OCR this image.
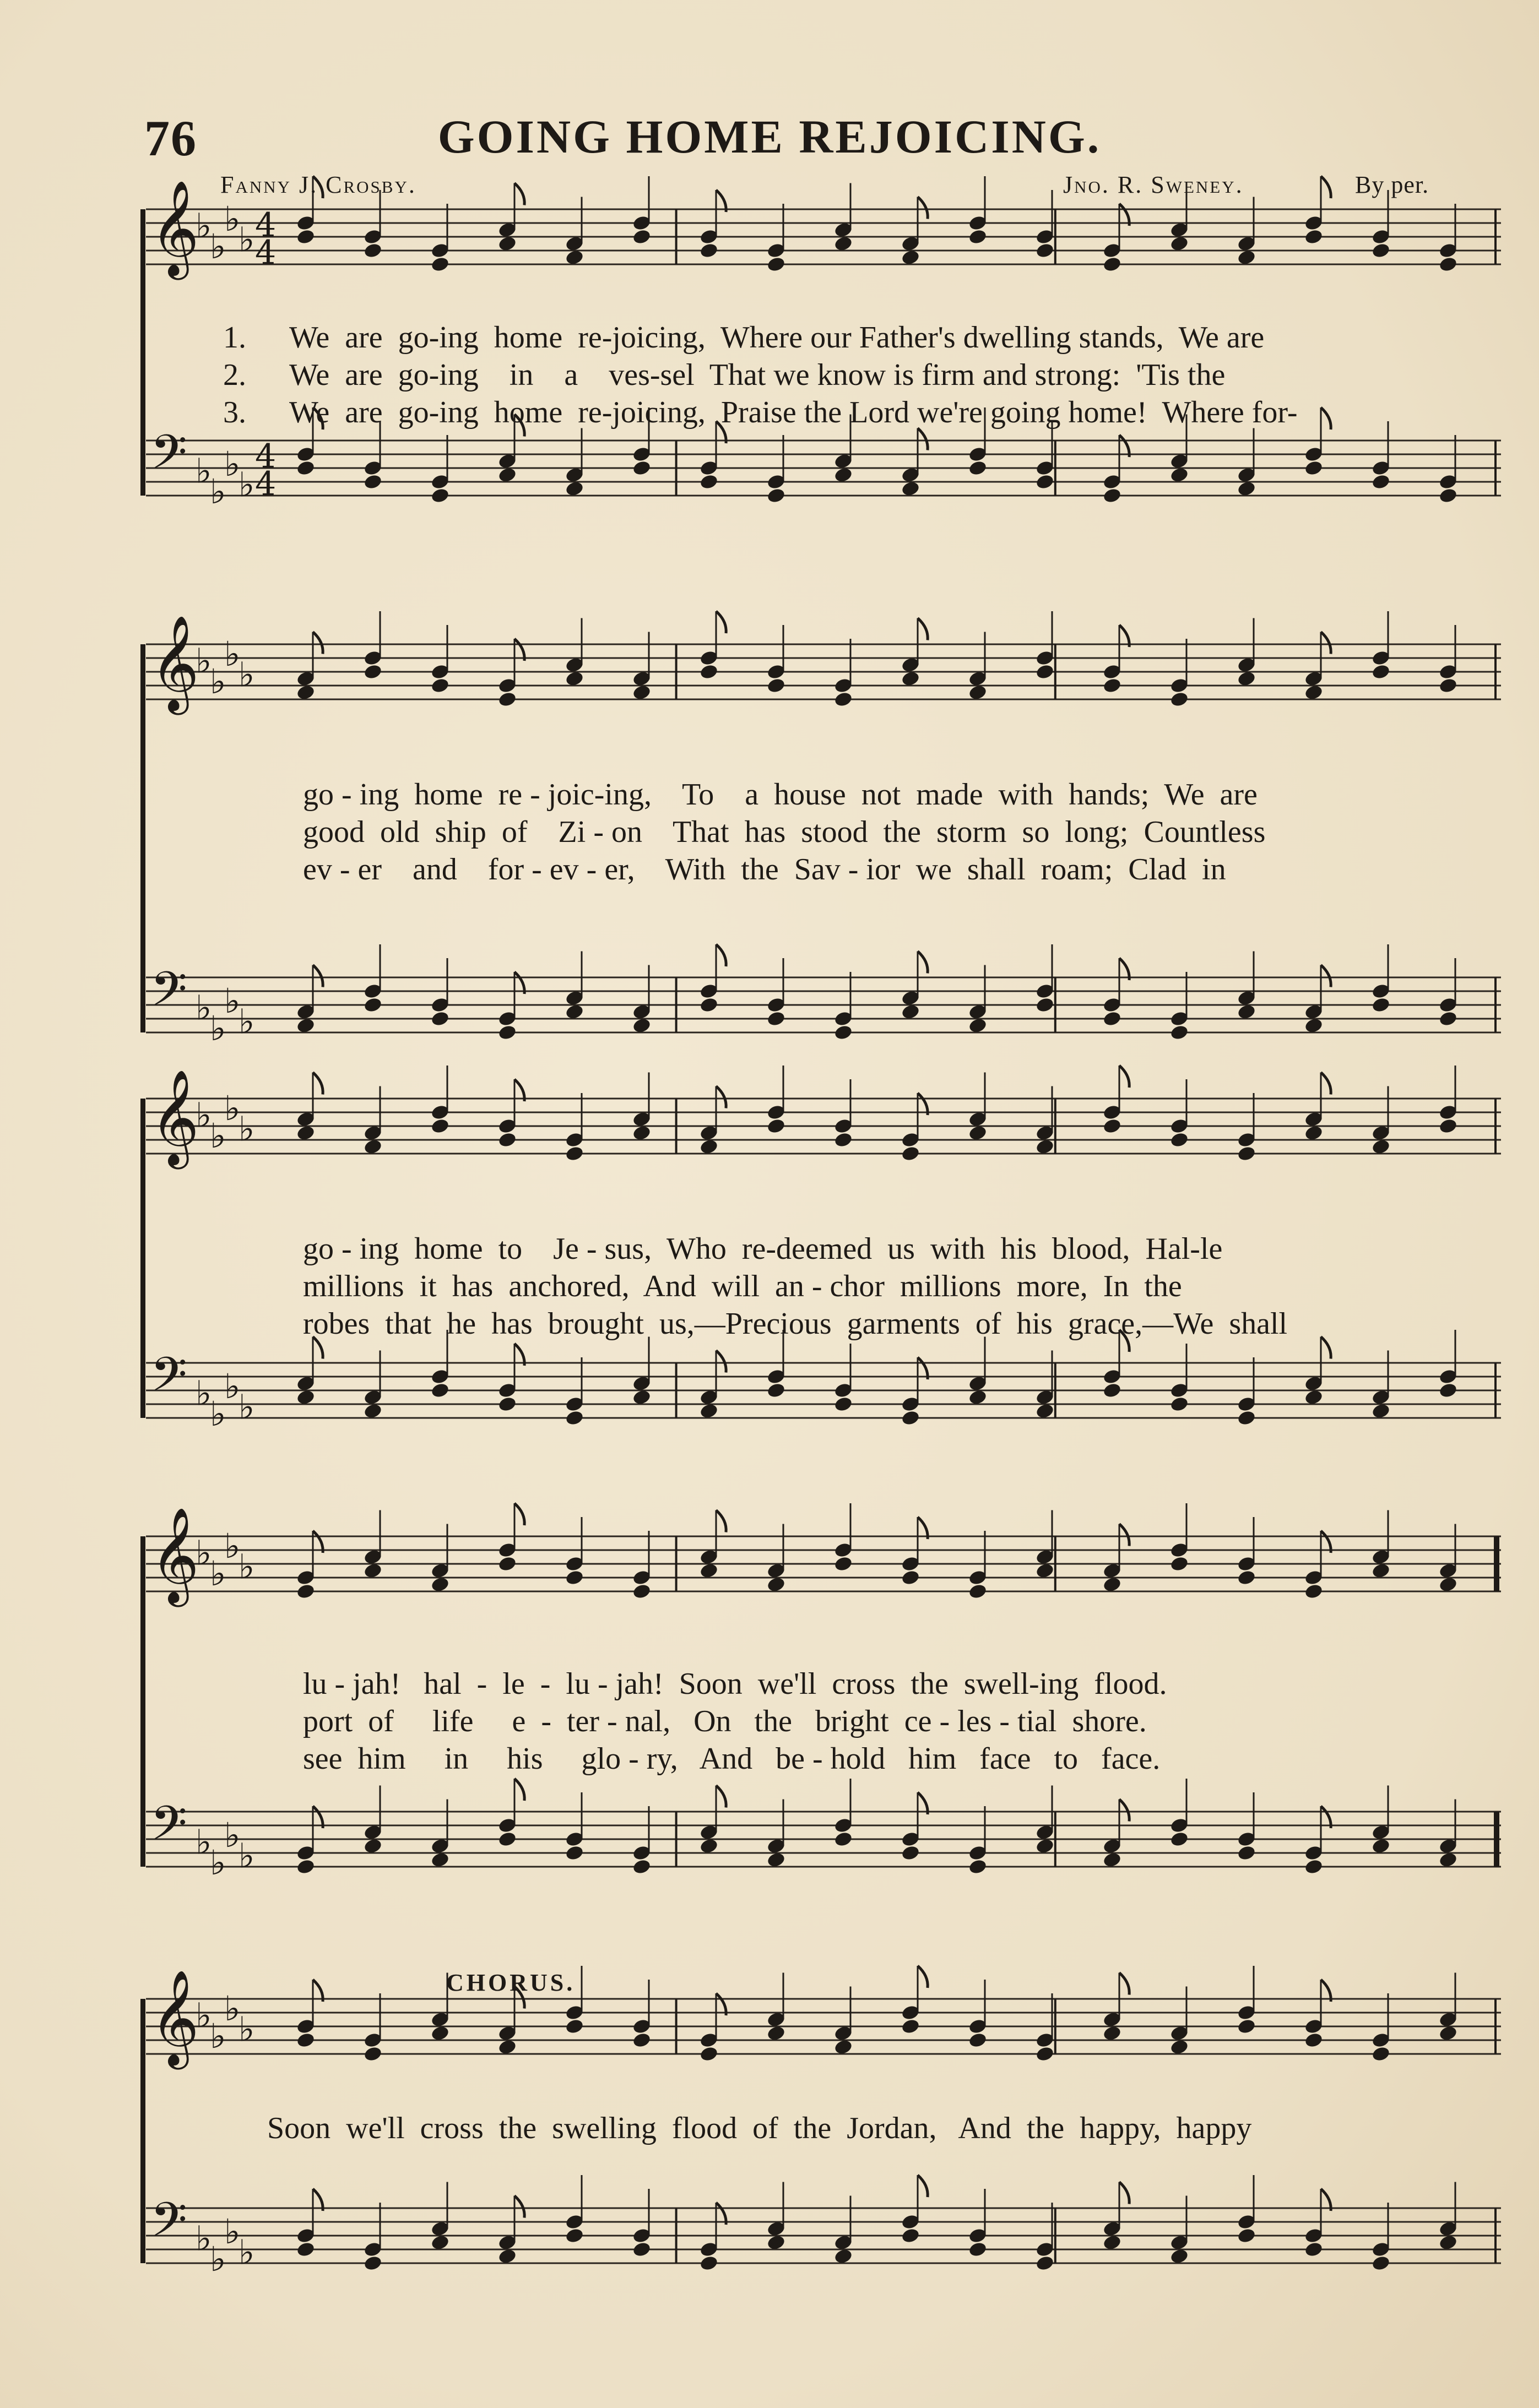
76	GOING HOME REJOICING.
Fanny J. Crosby.	Jno. R. Sweney.	By per.
𝄞
♭
♭
♭
♭ 4
4
𝄢 ♭
♭
♭
♭
4
4
1. We  are  go-ing  home  re-joicing,  Where our Father's dwelling stands,  We are
2. We  are  go-ing    in    a    ves-sel  That we know is firm and strong:  'Tis the
3. We  are  go-ing  home  re-joicing,  Praise the Lord we're going home!  Where for-
𝄞
♭
♭
♭
♭
𝄢 ♭
♭
♭
♭
go - ing  home  re - joic-ing,    To    a  house  not  made  with  hands;  We  are
good  old  ship  of    Zi - on    That  has  stood  the  storm  so  long;  Countless
ev - er    and    for - ev - er,    With  the  Sav - ior  we  shall  roam;  Clad  in
𝄞
♭
♭
♭
♭
𝄢 ♭
♭
♭
♭
go - ing  home  to    Je - sus,  Who  re-deemed  us  with  his  blood,  Hal-le
millions  it  has  anchored,  And  will  an - chor  millions  more,  In  the
robes  that  he  has  brought  us,—Precious  garments  of  his  grace,—We  shall
𝄞
♭
♭
♭
♭
𝄢 ♭
♭
♭
♭
lu - jah!   hal  -  le  -  lu - jah!  Soon  we'll  cross  the  swell-ing  flood.
port  of     life     e  -  ter - nal,   On   the   bright  ce - les - tial  shore.
see  him     in     his     glo - ry,   And   be - hold   him   face   to   face.
CHORUS.
𝄞
♭
♭
♭
♭
𝄢 ♭
♭
♭
♭
Soon  we'll  cross  the  swelling  flood  of  the  Jordan,   And  the  happy,  happy
